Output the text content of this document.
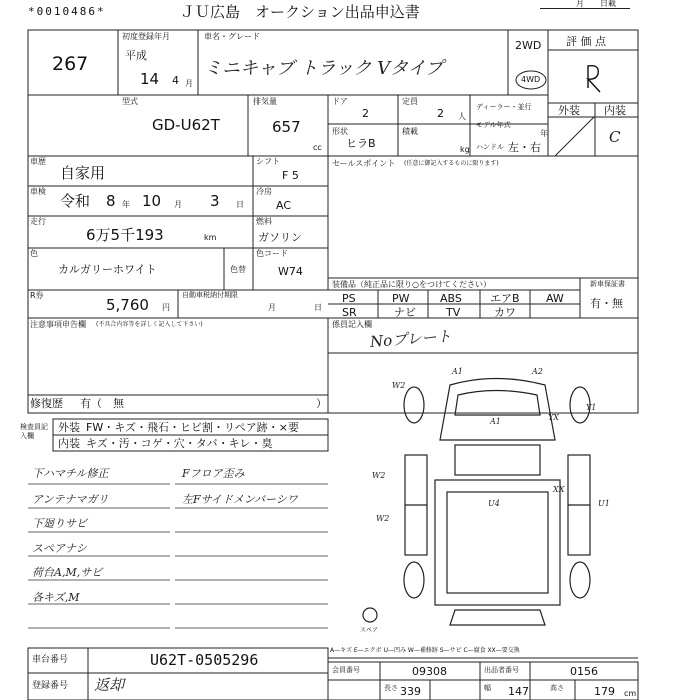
*0010486*	ＪＵ広島　オークション出品申込書	月　　日載
267
初度登録年月
平成
14 4 月
車名・グレード
ミニキャブ トラック Vタイプ
2WD
4WD
評 価 点
型式
GD-U62T
排気量
657
cc
ドア
2
定員
2 人
ディーラー・並行
形状
ヒラB
積載
kg
モデル年式
年
ハンドル 左・右
外装 内装
C
車歴
自家用
シフト
F 5
セールスポイント (任意に御記入するものに限ります)
車検
令和 8 年 10 月 3 日
冷房
AC
走行
6万5千193	km
燃料
ガソリン
色
カルガリーホワイト	色替
色コード
W74
R券
5,760 円
自動車税納付期限
月	日
装備品（純正品に限り○をつけてください）	新車保証書
有・無
PS	PW	ABS	エアB AW
SR	ナビ	TV	カワ
注意事項申告欄 (不具合内容等を詳しく記入して下さい)	係員記入欄
Noプレート
修復歴 有（　無	）
検査員記入欄
外装 FW・キズ・飛石・ヒビ割・リペア跡・×要
内装 キズ・汚・コゲ・穴・タバ・キレ・臭
下ハマチル修正
アンテナマガリ
下廻りサビ
スペアナシ
荷台A,M,サビ
各キズ,M
Fフロア歪み
左Fサイドメンバーシワ
W2
A1	A2
Y1
YX
U1
A1
W2
U4
XX
W2
スペア
A—キズ E—エクボ U—凹み W—補修跡 S—サビ C—腐食 XX—要交換
車台番号	U62T-0505296
登録番号 返却
会員番号	09308	出品者番号	0156
長さ 339	幅 147	高さ	179 cm
